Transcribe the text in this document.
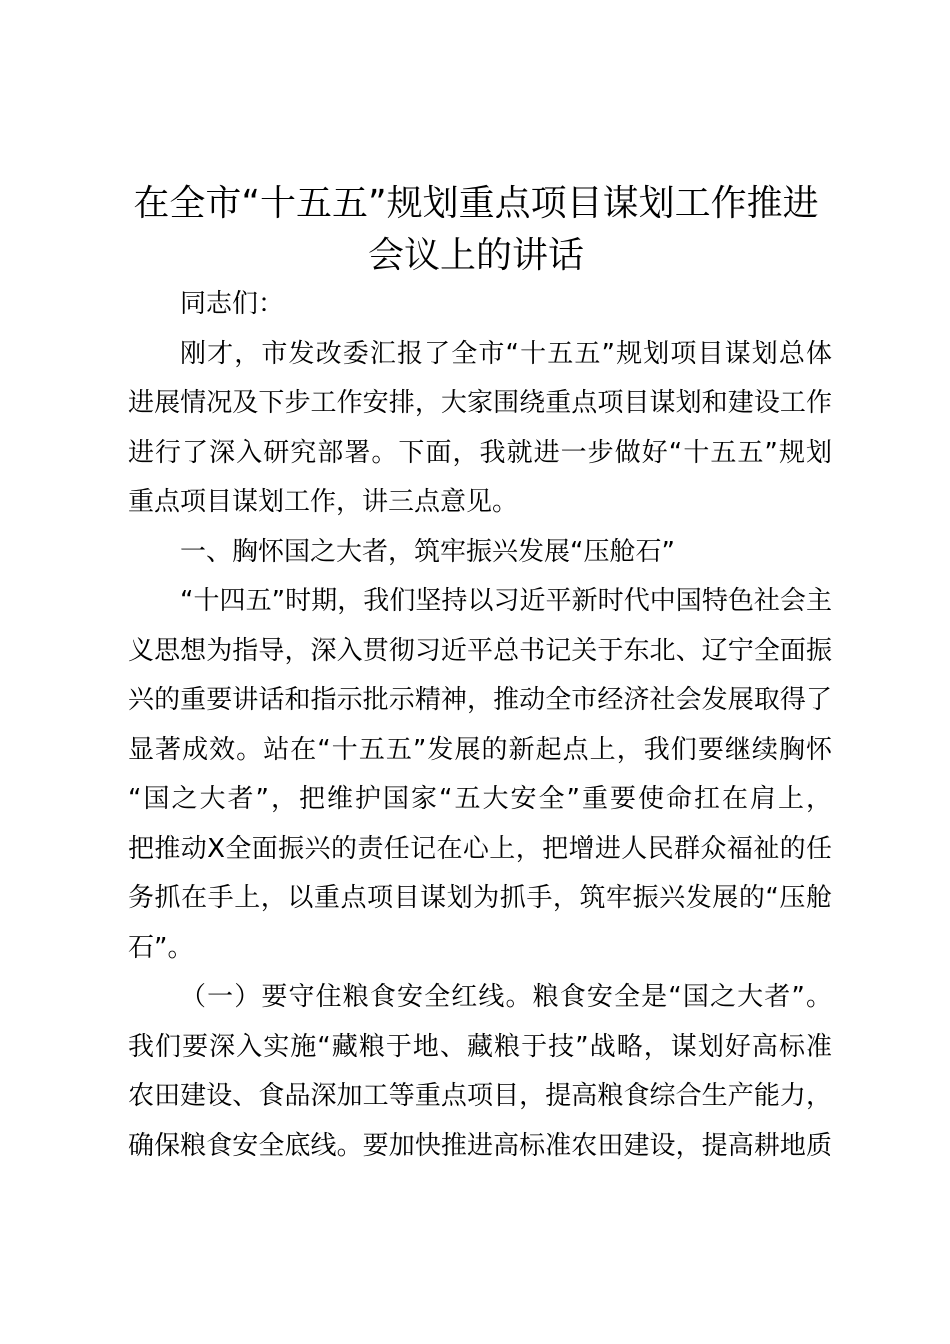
在全市“十五五”规划重点项目谋划工作推进
会议上的讲话

同志们：

刚才，市发改委汇报了全市“十五五”规划项目谋划总体
进展情况及下步工作安排，大家围绕重点项目谋划和建设工作
进行了深入研究部署。下面，我就进一步做好“十五五”规划
重点项目谋划工作，讲三点意见。
一、胸怀国之大者，筑牢振兴发展“压舱石”
“十四五”时期，我们坚持以习近平新时代中国特色社会主
义思想为指导，深入贯彻习近平总书记关于东北、辽宁全面振
兴的重要讲话和指示批示精神，推动全市经济社会发展取得了
显著成效。站在“十五五”发展的新起点上，我们要继续胸怀
“国之大者”，把维护国家“五大安全”重要使命扛在肩上，
把推动X全面振兴的责任记在心上，把增进人民群众福祉的任
务抓在手上，以重点项目谋划为抓手，筑牢振兴发展的“压舱
石”。
（一）要守住粮食安全红线。粮食安全是“国之大者”。
我们要深入实施“藏粮于地、藏粮于技”战略，谋划好高标准
农田建设、食品深加工等重点项目，提高粮食综合生产能力，
确保粮食安全底线。要加快推进高标准农田建设，提高耕地质
